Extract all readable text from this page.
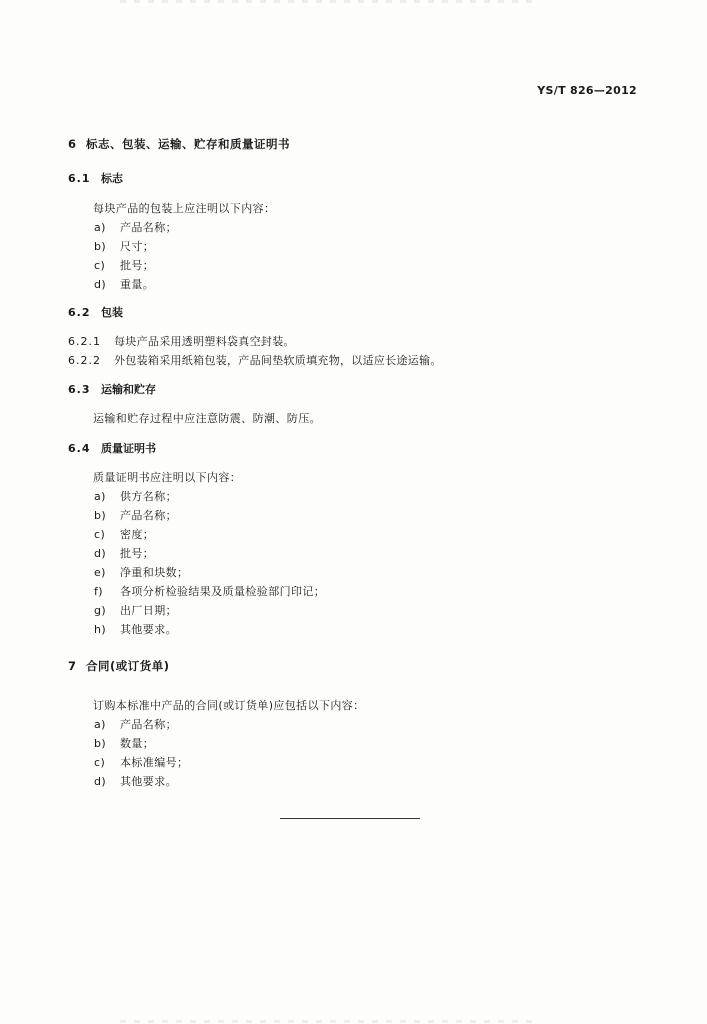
YS/T 826—2012
6 标志、包装、运输、贮存和质量证明书
6.1 标志
每块产品的包装上应注明以下内容：
a) 产品名称；
b) 尺寸；
c) 批号；
d) 重量。
6.2 包装
6.2.1 每块产品采用透明塑料袋真空封装。
6.2.2 外包装箱采用纸箱包装，产品间垫软质填充物，以适应长途运输。
6.3 运输和贮存
运输和贮存过程中应注意防震、防潮、防压。
6.4 质量证明书
质量证明书应注明以下内容：
a) 供方名称；
b) 产品名称；
c) 密度；
d) 批号；
e) 净重和块数；
f) 各项分析检验结果及质量检验部门印记；
g) 出厂日期；
h) 其他要求。
7 合同(或订货单)
订购本标准中产品的合同(或订货单)应包括以下内容：
a) 产品名称；
b) 数量；
c) 本标准编号；
d) 其他要求。
